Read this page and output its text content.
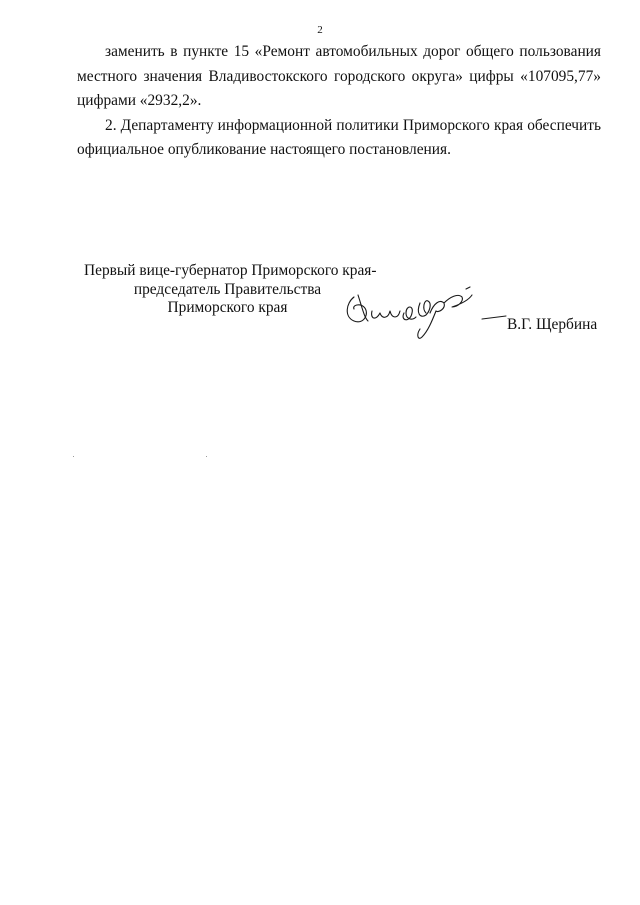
2

заменить в пункте 15 «Ремонт автомобильных дорог общего пользования местного значения Владивостокского городского округа» цифры «107095,77» цифрами «2932,2».

2. Департаменту информационной политики Приморского края обеспечить официальное опубликование настоящего постановления.

Первый вице-губернатор Приморского края-
председатель Правительства
Приморского края
В.Г. Щербина
